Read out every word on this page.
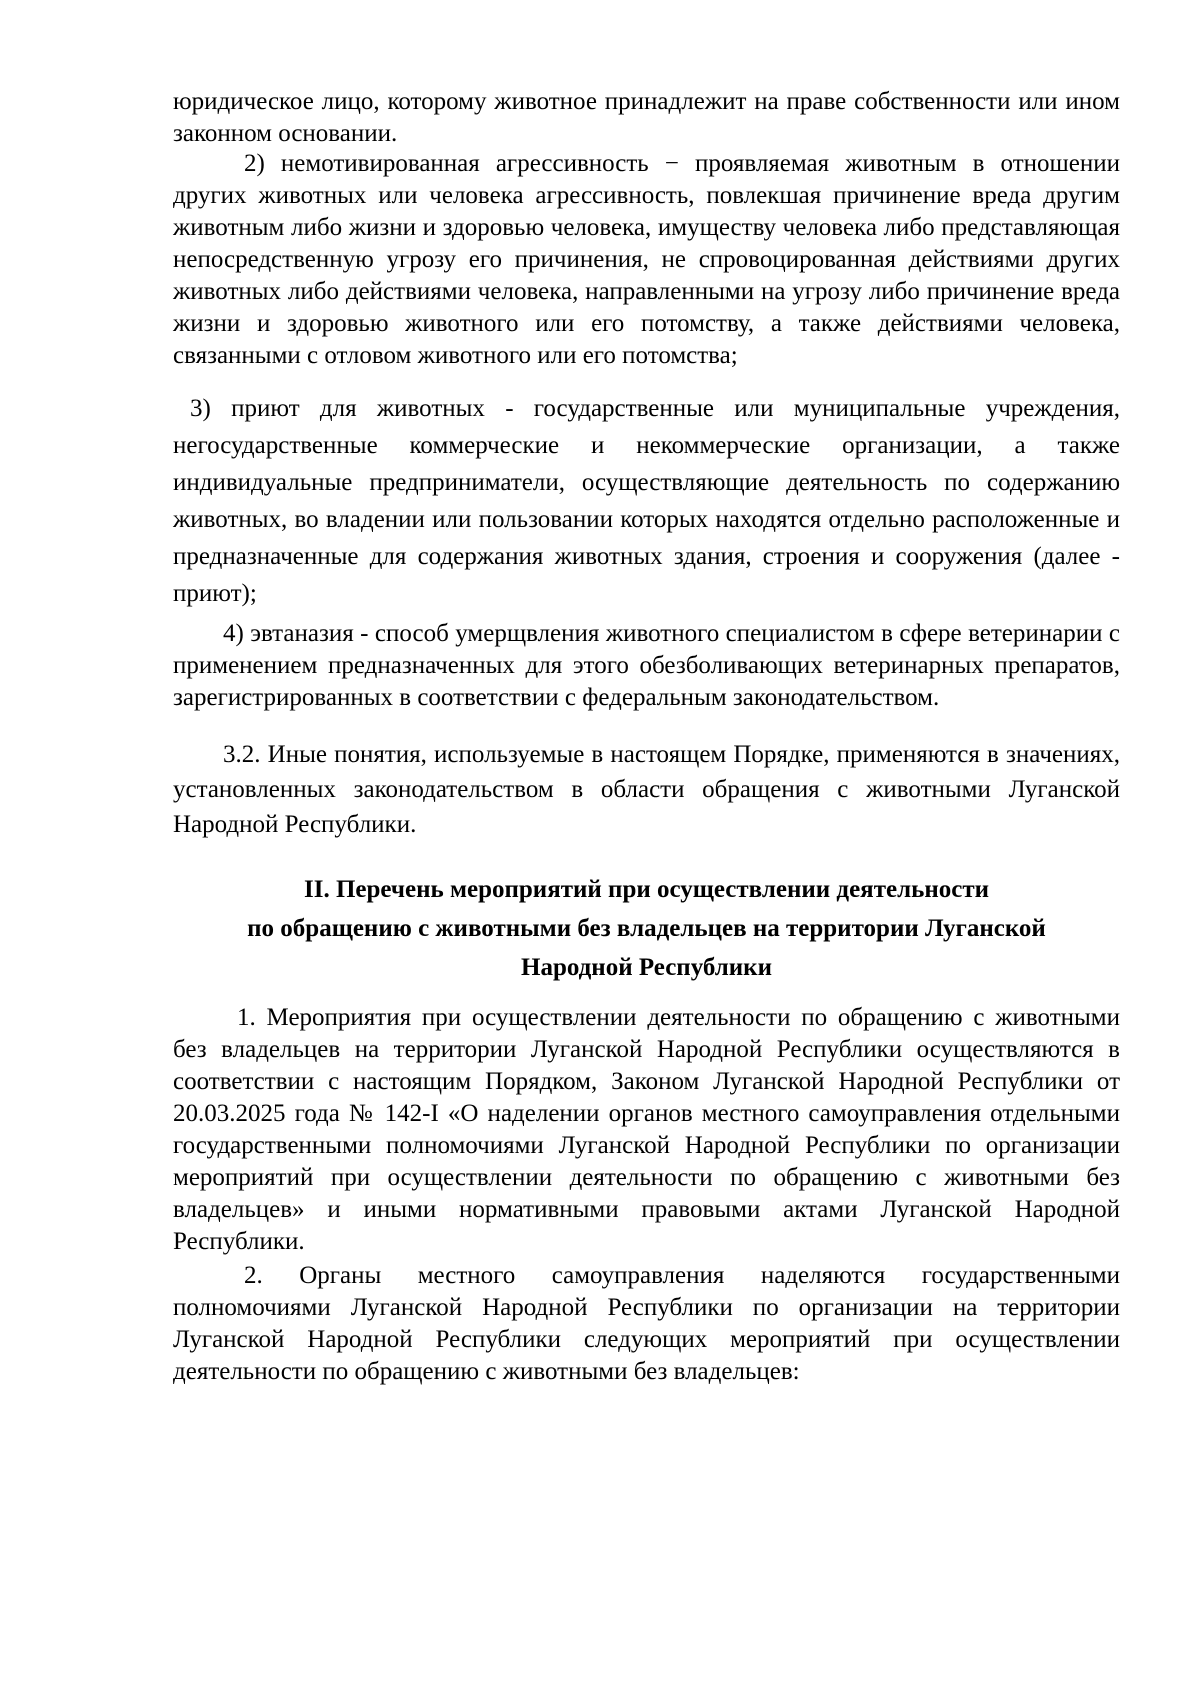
юридическое лицо, которому животное принадлежит на праве собственности или ином законном основании.

2) немотивированная агрессивность − проявляемая животным в отношении других животных или человека агрессивность, повлекшая причинение вреда другим животным либо жизни и здоровью человека, имуществу человека либо представляющая непосредственную угрозу его причинения, не спровоцированная действиями других животных либо действиями человека, направленными на угрозу либо причинение вреда жизни и здоровью животного или его потомству, а также действиями человека, связанными с отловом животного или его потомства;

3) приют для животных - государственные или муниципальные учреждения, негосударственные коммерческие и некоммерческие организации, а также индивидуальные предприниматели, осуществляющие деятельность по содержанию животных, во владении или пользовании которых находятся отдельно расположенные и предназначенные для содержания животных здания, строения и сооружения (далее - приют);

4) эвтаназия - способ умерщвления животного специалистом в сфере ветеринарии с применением предназначенных для этого обезболивающих ветеринарных препаратов, зарегистрированных в соответствии с федеральным законодательством.

3.2. Иные понятия, используемые в настоящем Порядке, применяются в значениях, установленных законодательством в области обращения с животными Луганской Народной Республики.

II. Перечень мероприятий при осуществлении деятельности
по обращению с животными без владельцев на территории Луганской
Народной Республики

1. Мероприятия при осуществлении деятельности по обращению с животными без владельцев на территории Луганской Народной Республики осуществляются в соответствии с настоящим Порядком, Законом Луганской Народной Республики от 20.03.2025 года № 142-I «О наделении органов местного самоуправления отдельными государственными полномочиями Луганской Народной Республики по организации мероприятий при осуществлении деятельности по обращению с животными без владельцев» и иными нормативными правовыми актами Луганской Народной Республики.

2. Органы местного самоуправления наделяются государственными полномочиями Луганской Народной Республики по организации на территории Луганской Народной Республики следующих мероприятий при осуществлении деятельности по обращению с животными без владельцев:
